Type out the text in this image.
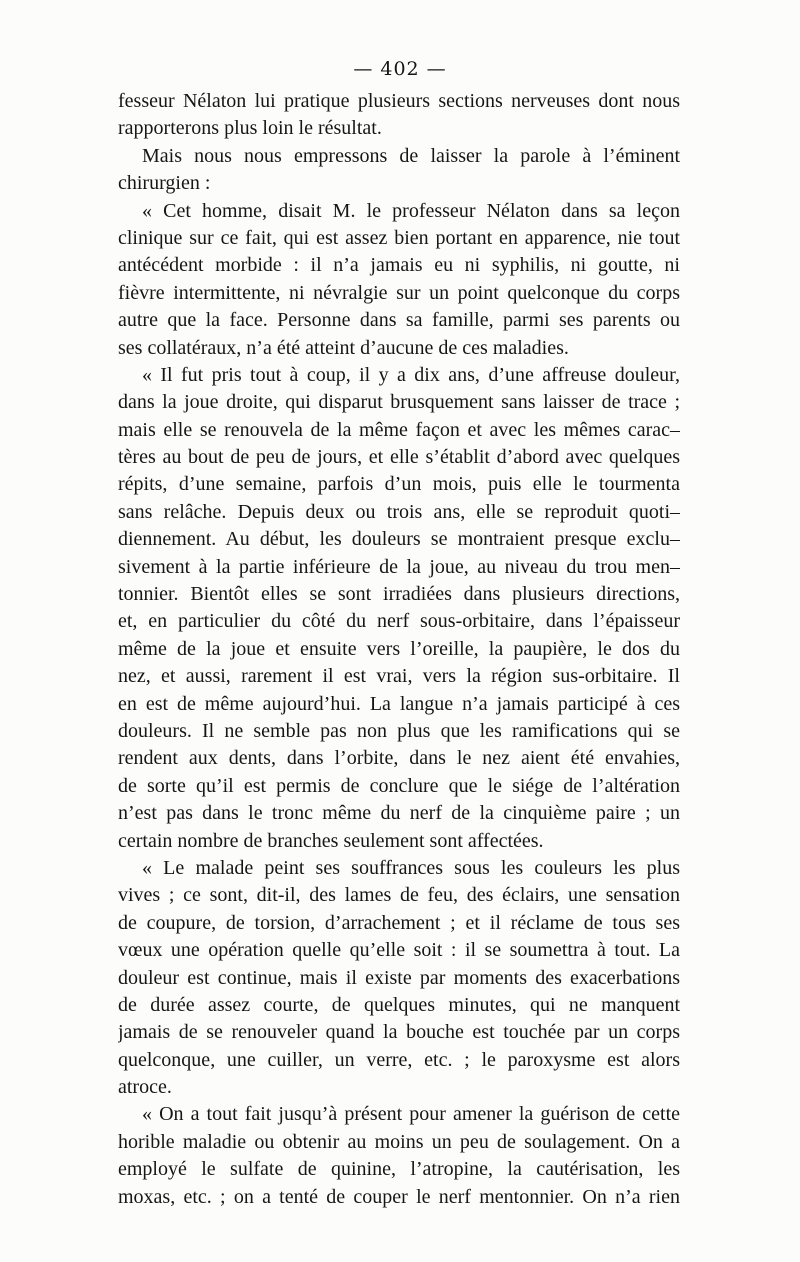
— 402 —
fesseur Nélaton lui pratique plusieurs sections nerveuses dont nous
rapporterons plus loin le résultat.
Mais nous nous empressons de laisser la parole à l’éminent
chirurgien :
« Cet homme, disait M. le professeur Nélaton dans sa leçon
clinique sur ce fait, qui est assez bien portant en apparence, nie tout
antécédent morbide : il n’a jamais eu ni syphilis, ni goutte, ni
fièvre intermittente, ni névralgie sur un point quelconque du corps
autre que la face. Personne dans sa famille, parmi ses parents ou
ses collatéraux, n’a été atteint d’aucune de ces maladies.
« Il fut pris tout à coup, il y a dix ans, d’une affreuse douleur,
dans la joue droite, qui disparut brusquement sans laisser de trace ;
mais elle se renouvela de la même façon et avec les mêmes carac–
tères au bout de peu de jours, et elle s’établit d’abord avec quelques
répits, d’une semaine, parfois d’un mois, puis elle le tourmenta
sans relâche. Depuis deux ou trois ans, elle se reproduit quoti–
diennement. Au début, les douleurs se montraient presque exclu–
sivement à la partie inférieure de la joue, au niveau du trou men–
tonnier. Bientôt elles se sont irradiées dans plusieurs directions,
et, en particulier du côté du nerf sous-orbitaire, dans l’épaisseur
même de la joue et ensuite vers l’oreille, la paupière, le dos du
nez, et aussi, rarement il est vrai, vers la région sus-orbitaire. Il
en est de même aujourd’hui. La langue n’a jamais participé à ces
douleurs. Il ne semble pas non plus que les ramifications qui se
rendent aux dents, dans l’orbite, dans le nez aient été envahies,
de sorte qu’il est permis de conclure que le siége de l’altération
n’est pas dans le tronc même du nerf de la cinquième paire ; un
certain nombre de branches seulement sont affectées.
« Le malade peint ses souffrances sous les couleurs les plus
vives ; ce sont, dit-il, des lames de feu, des éclairs, une sensation
de coupure, de torsion, d’arrachement ; et il réclame de tous ses
vœux une opération quelle qu’elle soit : il se soumettra à tout. La
douleur est continue, mais il existe par moments des exacerbations
de durée assez courte, de quelques minutes, qui ne manquent
jamais de se renouveler quand la bouche est touchée par un corps
quelconque, une cuiller, un verre, etc. ; le paroxysme est alors
atroce.
« On a tout fait jusqu’à présent pour amener la guérison de cette
horible maladie ou obtenir au moins un peu de soulagement. On a
employé le sulfate de quinine, l’atropine, la cautérisation, les
moxas, etc. ; on a tenté de couper le nerf mentonnier. On n’a rien
